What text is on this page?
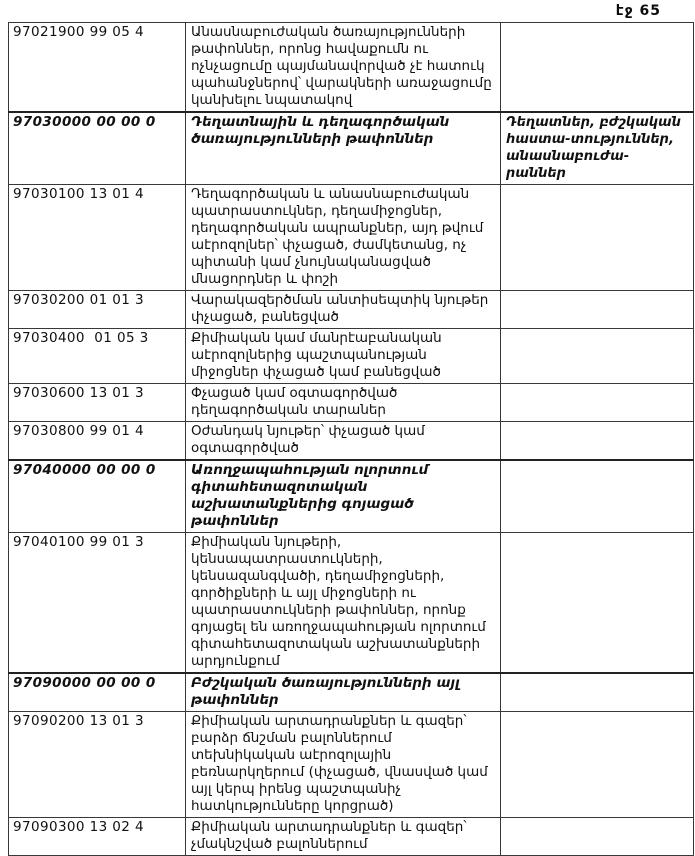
էջ 65
97021900 99 05 4	Անասնաբուժական ծառայությունների թափոններ, որոնց հավաքումն ու ոչնչացումը պայմանավորված չէ հատուկ պահանջներով՝ վարակների առաջացումը կանխելու նպատակով	
97030000 00 00 0	Դեղատնային և դեղագործական ծառայությունների թափոններ	Դեղատներ, բժշկական հաստա-տություններ, անասնաբուժա-րաններ
97030100 13 01 4	Դեղագործական և անասնաբուժական պատրաստուկներ, դեղամիջոցներ, դեղագործական ապրանքներ, այդ թվում աէրոզոլներ՝ փչացած, ժամկետանց, ոչ պիտանի կամ չնույնականացված մնացորդներ և փոշի	
97030200 01 01 3	Վարակազերծման անտիսեպտիկ նյութեր փչացած, բանեցված	
97030400  01 05 3	Քիմիական կամ մանրէաբանական աէրոզոլներից պաշտպանության միջոցներ փչացած կամ բանեցված	
97030600 13 01 3	Փչացած կամ օգտագործված դեղագործական տարաներ	
97030800 99 01 4	Օժանդակ նյութեր՝ փչացած կամ օգտագործված	
97040000 00 00 0	Առողջապահության ոլորտում գիտահետազոտական աշխատանքներից գոյացած թափոններ	
97040100 99 01 3	Քիմիական նյութերի, կենսապատրաստուկների, կենսազանգվածի, դեղամիջոցների, գործիքների և այլ միջոցների ու պատրաստուկների թափոններ, որոնք գոյացել են առողջապահության ոլորտում գիտահետազոտական աշխատանքների արդյունքում	
97090000 00 00 0	Բժշկական ծառայությունների այլ թափոններ	
97090200 13 01 3	Քիմիական արտադրանքներ և գազեր՝ բարձր ճնշման բալոններում տեխնիկական աէրոզոլային բեռնարկղերում (փչացած, վնասված կամ այլ կերպ իրենց պաշտպանիչ հատկությունները կորցրած)	
97090300 13 02 4	Քիմիական արտադրանքներ և գազեր՝ չմակնշված բալոններում	
